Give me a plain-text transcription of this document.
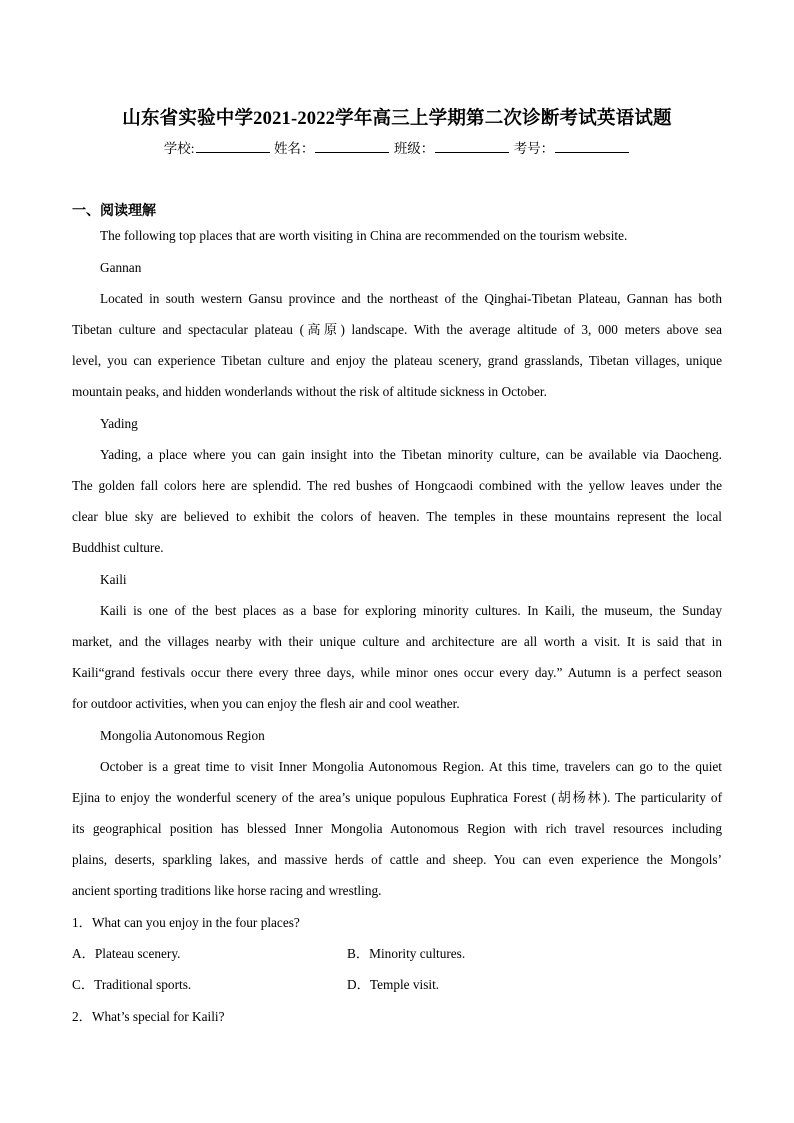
山东省实验中学2021-2022学年高三上学期第二次诊断考试英语试题
学校:	姓名：	班级：	考号：
一、阅读理解
The following top places that are worth visiting in China are recommended on the tourism website.
Gannan
Located in south western Gansu province and the northeast of the Qinghai-Tibetan Plateau, Gannan has both
Tibetan culture and spectacular plateau (高原) landscape. With the average altitude of 3, 000 meters above sea
level, you can experience Tibetan culture and enjoy the plateau scenery, grand grasslands, Tibetan villages, unique
mountain peaks, and hidden wonderlands without the risk of altitude sickness in October.
Yading
Yading, a place where you can gain insight into the Tibetan minority culture, can be available via Daocheng.
The golden fall colors here are splendid. The red bushes of Hongcaodi combined with the yellow leaves under the
clear blue sky are believed to exhibit the colors of heaven. The temples in these mountains represent the local
Buddhist culture.
Kaili
Kaili is one of the best places as a base for exploring minority cultures. In Kaili, the museum, the Sunday
market, and the villages nearby with their unique culture and architecture are all worth a visit. It is said that in
Kaili“grand festivals occur there every three days, while minor ones occur every day.” Autumn is a perfect season
for outdoor activities, when you can enjoy the flesh air and cool weather.
Mongolia Autonomous Region
October is a great time to visit Inner Mongolia Autonomous Region. At this time, travelers can go to the quiet
Ejina to enjoy the wonderful scenery of the area’s unique populous Euphratica Forest (胡杨林). The particularity of
its geographical position has blessed Inner Mongolia Autonomous Region with rich travel resources including
plains, deserts, sparkling lakes, and massive herds of cattle and sheep. You can even experience the Mongols’
ancient sporting traditions like horse racing and wrestling.
1．What can you enjoy in the four places?
A．Plateau scenery.	B．Minority cultures.
C．Traditional sports.	D．Temple visit.
2．What’s special for Kaili?
